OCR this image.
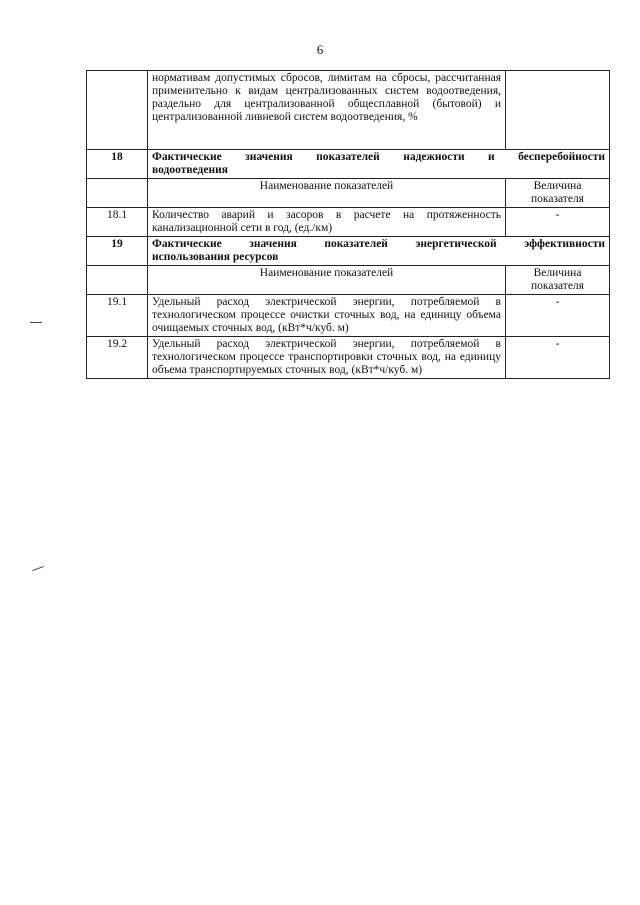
6
	нормативам допустимых сбросов, лимитам на сбросы, рассчитанная применительно к видам централизованных систем водоотведения, раздельно для централизованной общесплавной (бытовой) и централизованной ливневой систем водоотведения, %	
18	Фактические значения показателей надежности и бесперебойности
водоотведения	

	Наименование показателей	Величина показателя
18.1	Количество аварий и засоров в расчете на протяженность канализационной сети в год, (ед./км)	-
19	Фактические значения показателей энергетической эффективности
использования ресурсов	

	Наименование показателей	Величина показателя
19.1	Удельный расход электрической энергии, потребляемой в технологическом процессе очистки сточных вод, на единицу объема очищаемых сточных вод, (кВт*ч/куб. м)	-
19.2	Удельный расход электрической энергии, потребляемой в технологическом процессе транспортировки сточных вод, на единицу объема транспортируемых сточных вод, (кВт*ч/куб. м)	-
